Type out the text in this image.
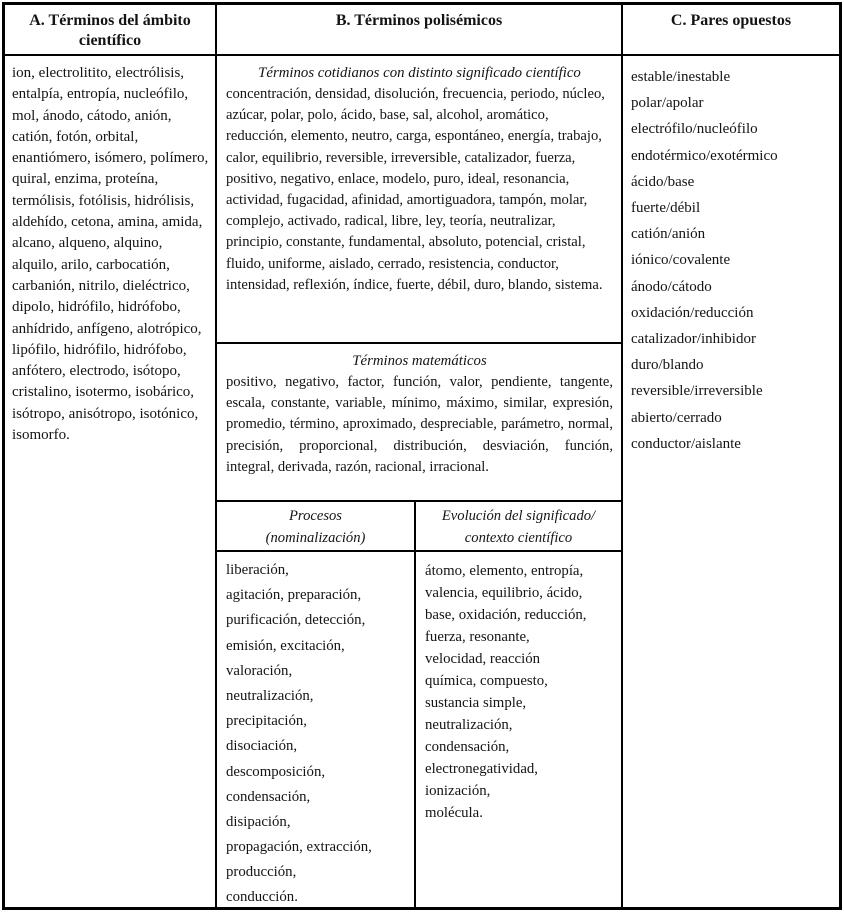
A. Términos del ámbito científico
B. Términos polisémicos	C. Pares opuestos

ion, electrolitito, electrólisis, entalpía, entropía, nucleófilo, mol, ánodo, cátodo, anión, catión, fotón, orbital, enantiómero, isómero, polímero, quiral, enzima, proteína, termólisis, fotólisis, hidrólisis, aldehído, cetona, amina, amida, alcano, alqueno, alquino, alquilo, arilo, carbocatión, carbanión, nitrilo, dieléctrico, dipolo, hidrófilo, hidrófobo, anhídrido, anfígeno, alotrópico, lipófilo, hidrófilo, hidrófobo, anfótero, electrodo, isótopo, cristalino, isotermo, isobárico, isótropo, anisótropo, isotónico, isomorfo.

Términos cotidianos con distinto significado científico

concentración, densidad, disolución, frecuencia, periodo, núcleo, azúcar, polar, polo, ácido, base, sal, alcohol, aromático, reducción, elemento, neutro, carga, espontáneo, energía, trabajo, calor, equilibrio, reversible, irreversible, catalizador, fuerza, positivo, negativo, enlace, modelo, puro, ideal, resonancia, actividad, fugacidad, afinidad, amortiguadora, tampón, molar, complejo, activado, radical, libre, ley, teoría, neutralizar, principio, constante, fundamental, absoluto, potencial, cristal, fluido, uniforme, aislado, cerrado, resistencia, conductor, intensidad, reflexión, índice, fuerte, débil, duro, blando, sistema.

Términos matemáticos

positivo, negativo, factor, función, valor, pendiente, tangente, escala, constante, variable, mínimo, máximo, similar, expresión, promedio, término, aproximado, despreciable, parámetro, normal, precisión, proporcional, distribución, desviación, función, integral, derivada, razón, racional, irracional.

Procesos
(nominalización)
Evolución del significado/
contexto científico
liberación,
agitación, preparación,
purificación, detección,
emisión, excitación,
valoración,
neutralización,
precipitación,
disociación,
descomposición,
condensación,
disipación,
propagación, extracción,
producción,
conducción.
átomo, elemento, entropía,
valencia, equilibrio, ácido,
base, oxidación, reducción,
fuerza, resonante,
velocidad, reacción
química, compuesto,
sustancia simple,
neutralización,
condensación,
electronegatividad,
ionización,
molécula.
estable/inestable
polar/apolar
electrófilo/nucleófilo
endotérmico/exotérmico
ácido/base
fuerte/débil
catión/anión
iónico/covalente
ánodo/cátodo
oxidación/reducción
catalizador/inhibidor
duro/blando
reversible/irreversible
abierto/cerrado
conductor/aislante
